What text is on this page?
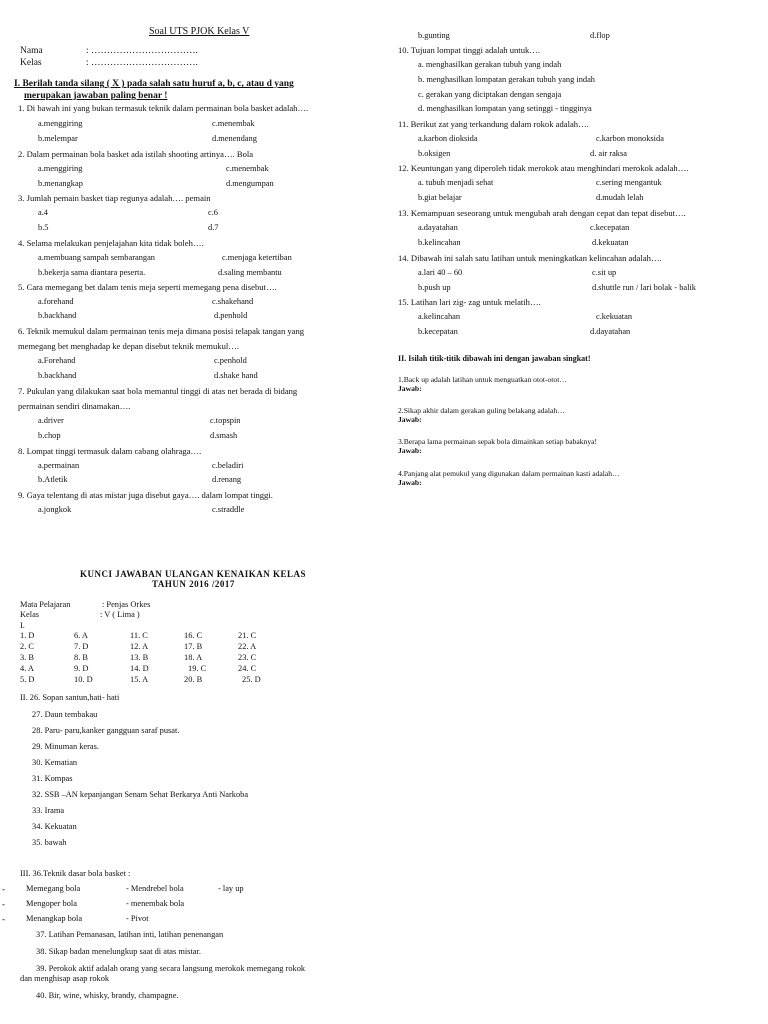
Soal UTS PJOK Kelas V
Nama	: …………………………….
Kelas	: …………………………….
I. Berilah tanda silang ( X ) pada salah satu huruf a, b, c, atau d yang
merupakan jawaban paling benar !
1. Di bawah ini yang bukan termasuk teknik dalam permainan bola basket adalah….
a.menggiring	c.menembak
b.melempar	d.menendang
2. Dalam permainan bola basket ada istilah shooting artinya…. Bola
a.menggiring	c.menembak
b.menangkap	d.mengumpan
3. Jumlah pemain basket tiap regunya adalah…. pemain
a.4	c.6
b.5	d.7
4. Selama melakukan penjelajahan kita tidak boleh….
a.membuang sampah sembarangan	c.menjaga ketertiban
b.bekerja sama diantara peserta.	d.saling membantu
5. Cara memegang bet dalam tenis meja seperti memegang pena disebut….
a.forehand	c.shakehand
b.backhand	d.penhold
6. Teknik memukul dalam permainan tenis meja dimana posisi telapak tangan yang
memegang bet menghadap ke depan disebut teknik memukul….
a.Forehand	c.penhold
b.backhand	d.shake hand
7. Pukulan yang dilakukan saat bola memantul tinggi di atas net berada di bidang
permainan sendiri dinamakan….
a.driver	c.topspin
b.chop	d.smash
8. Lompat tinggi termasuk dalam cabang olahraga….
a.permainan	c.beladiri
b.Atletik	d.renang
9. Gaya telentang di atas mistar juga disebut gaya…. dalam lompat tinggi.
a.jongkok	c.straddle
b.gunting	d.flop
10. Tujuan lompat tinggi adalah untuk….
a. menghasilkan gerakan tubuh yang indah
b. menghasilkan lompatan gerakan tubuh yang indah
c. gerakan yang diciptakan dengan sengaja
d. menghasilkan lompatan yang setinggi - tingginya
11. Berikut zat yang terkandung dalam rokok adalah….
a.karbon dioksida	c.karbon monoksida
b.oksigen	d. air raksa
12. Keuntungan yang diperoleh tidak merokok atau menghindari merokok adalah….
a. tubuh menjadi sehat	c.sering mengantuk
b.giat belajar	d.mudah lelah
13. Kemampuan seseorang untuk mengubah arah dengan cepat dan tepat disebut….
a.dayatahan	c.kecepatan
b.kelincahan	d.kekuatan
14. Dibawah ini salah satu latihan untuk meningkatkan kelincahan adalah….
a.lari 40 – 60	c.sit up
b.push up	d.shuttle run / lari bolak - balik
15. Latihan lari zig- zag untuk melatih….
a.kelincahan	c.kekuatan
b.kecepatan	d.dayatahan
II. Isilah titik-titik dibawah ini dengan jawaban singkat!
1.Back up adalah latihan untuk menguatkan otot-otot…
Jawab:
2.Sikap akhir dalam gerakan guling belakang adalah…
Jawab:
3.Berapa lama permainan sepak bola dimainkan setiap babaknya!
Jawab:
4.Panjang alat pemukul yang digunakan dalam permainan kasti adalah…
Jawab:
KUNCI JAWABAN ULANGAN KENAIKAN KELAS
TAHUN 2016 /2017
Mata Pelajaran	: Penjas Orkes
Kelas	: V ( Lima )
I.
1. D	6. A	11. C	16. C	21. C
2. C	7. D	12. A	17. B	22. A
3. B	8. B	13. B	18. A	23. C
4. A	9. D	14. D	19. C	24. C
5. D	10. D	15. A	20. B	25. D
II. 26. Sopan santun,hati- hati
27. Daun tembakau
28. Paru- paru,kanker gangguan saraf pusat.
29. Minuman keras.
30. Kematian
31. Kompas
32. SSB –AN kepanjangan Senam Sehat Berkarya Anti Narkoba
33. Irama
34. Kekuatan
35. bawah
III. 36.Teknik dasar bola basket :
-	Memegang bola	- Mendrebel bola	- lay up
-	Mengoper bola	- menembak bola
-	Menangkap bola	- Pivot
37. Latihan Pemanasan, latihan inti, latihan penenangan
38. Sikap badan menelungkup saat di atas mistar.
39. Perokok aktif adalah orang yang secara langsung merokok memegang rokok
dan menghisap asap rokok
40. Bir, wine, whisky, brandy, champagne.
